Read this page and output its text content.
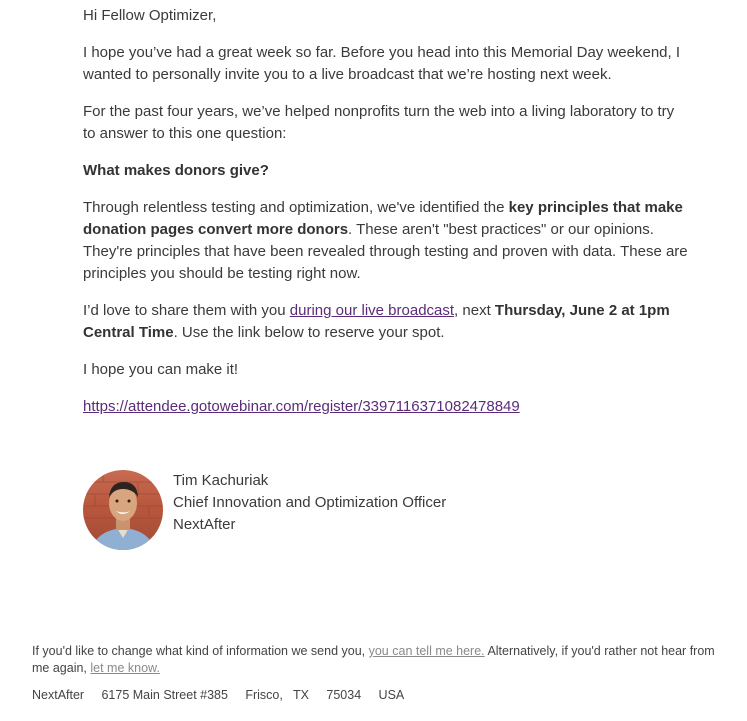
Hi Fellow Optimizer,

I hope you’ve had a great week so far. Before you head into this Memorial Day weekend, I wanted to personally invite you to a live broadcast that we’re hosting next week.

For the past four years, we’ve helped nonprofits turn the web into a living laboratory to try to answer to this one question:

What makes donors give?

Through relentless testing and optimization, we've identified the key principles that make donation pages convert more donors. These aren't "best practices" or our opinions. They're principles that have been revealed through testing and proven with data. These are principles you should be testing right now.

I’d love to share them with you during our live broadcast, next Thursday, June 2 at 1pm Central Time. Use the link below to reserve your spot.

I hope you can make it!

https://attendee.gotowebinar.com/register/3397116371082478849

Tim Kachuriak
Chief Innovation and Optimization Officer
NextAfter
If you'd like to change what kind of information we send you, you can tell me here. Alternatively, if you'd rather not hear from me again, let me know.
NextAfter 6175 Main Street #385 Frisco, TX 75034 USA
